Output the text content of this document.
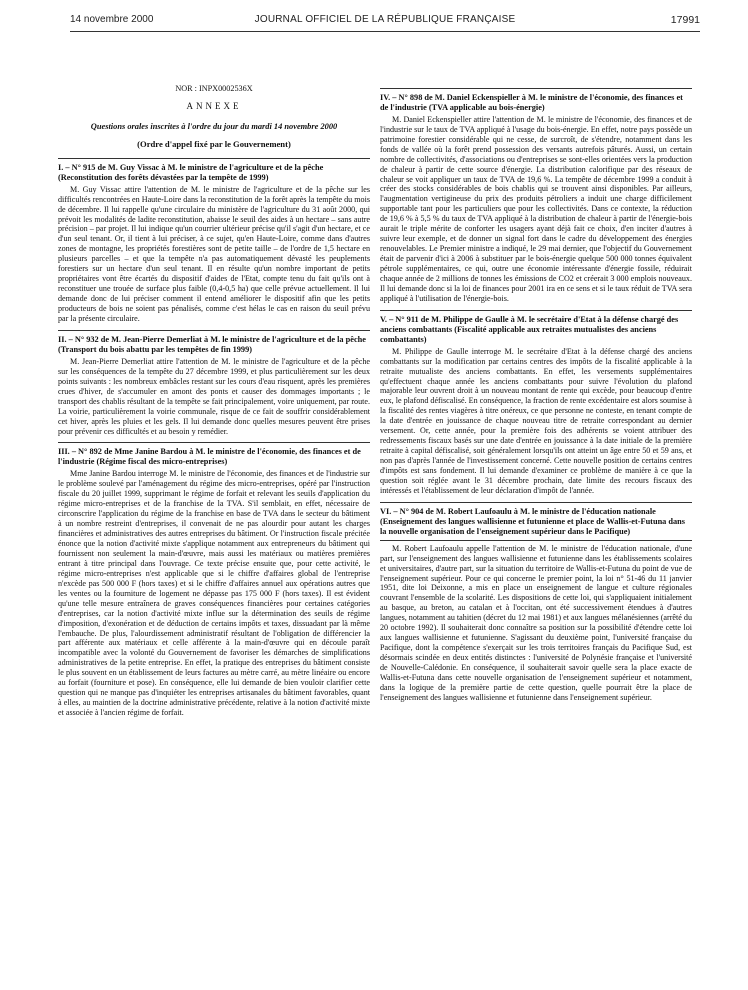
14 novembre 2000	JOURNAL OFFICIEL DE LA RÉPUBLIQUE FRANÇAISE	17991
NOR : INPX0002536X
ANNEXE
Questions orales inscrites à l'ordre du jour du mardi 14 novembre 2000
(Ordre d'appel fixé par le Gouvernement)
I. – N° 915 de M. Guy Vissac à M. le ministre de l'agriculture et de la pêche (Reconstitution des forêts dévastées par la tempête de 1999)

M. Guy Vissac attire l'attention de M. le ministre de l'agriculture et de la pêche sur les difficultés rencontrées en Haute-Loire dans la reconstitution de la forêt après la tempête du mois de décembre. Il lui rappelle qu'une circulaire du ministère de l'agriculture du 31 août 2000, qui prévoit les modalités de ladite reconstitution, abaisse le seuil des aides à un hectare – sans autre précision – par projet. Il lui indique qu'un courrier ultérieur précise qu'il s'agit d'un hectare, et ce d'un seul tenant. Or, il tient à lui préciser, à ce sujet, qu'en Haute-Loire, comme dans d'autres zones de montagne, les propriétés forestières sont de petite taille – de l'ordre de 1,5 hectare en plusieurs parcelles – et que la tempête n'a pas automatiquement dévasté les peuplements forestiers sur un hectare d'un seul tenant. Il en résulte qu'un nombre important de petits propriétaires vont être écartés du dispositif d'aides de l'Etat, compte tenu du fait qu'ils ont à reconstituer une trouée de surface plus faible (0,4-0,5 ha) que celle prévue actuellement. Il lui demande donc de lui préciser comment il entend améliorer le dispositif afin que les petits producteurs de bois ne soient pas pénalisés, comme c'est hélas le cas en raison du seuil prévu par la présente circulaire.

II. – N° 932 de M. Jean-Pierre Demerliat à M. le ministre de l'agriculture et de la pêche (Transport du bois abattu par les tempêtes de fin 1999)

M. Jean-Pierre Demerliat attire l'attention de M. le ministre de l'agriculture et de la pêche sur les conséquences de la tempête du 27 décembre 1999, et plus particulièrement sur les deux points suivants : les nombreux embâcles restant sur les cours d'eau risquent, après les premières crues d'hiver, de s'accumuler en amont des ponts et causer des dommages importants ; le transport des chablis résultant de la tempête se fait principalement, voire uniquement, par route. La voirie, particulièrement la voirie communale, risque de ce fait de souffrir considérablement cet hiver, après les pluies et les gels. Il lui demande donc quelles mesures peuvent être prises pour prévenir ces difficultés et au besoin y remédier.

III. – N° 892 de Mme Janine Bardou à M. le ministre de l'économie, des finances et de l'industrie (Régime fiscal des micro-entreprises)

Mme Janine Bardou interroge M. le ministre de l'économie, des finances et de l'industrie sur le problème soulevé par l'aménagement du régime des micro-entreprises, opéré par l'instruction fiscale du 20 juillet 1999, supprimant le régime de forfait et relevant les seuils d'application du régime micro-entreprises et de la franchise de la TVA. S'il semblait, en effet, nécessaire de circonscrire l'application du régime de la franchise en base de TVA dans le secteur du bâtiment à un nombre restreint d'entreprises, il convenait de ne pas alourdir pour autant les charges financières et administratives des autres entreprises du bâtiment. Or l'instruction fiscale précitée énonce que la notion d'activité mixte s'applique notamment aux entrepreneurs du bâtiment qui fournissent non seulement la main-d'œuvre, mais aussi les matériaux ou matières premières entrant à titre principal dans l'ouvrage. Ce texte précise ensuite que, pour cette activité, le régime micro-entreprises n'est applicable que si le chiffre d'affaires global de l'entreprise n'excède pas 500 000 F (hors taxes) et si le chiffre d'affaires annuel aux opérations autres que les ventes ou la fourniture de logement ne dépasse pas 175 000 F (hors taxes). Il est évident qu'une telle mesure entraînera de graves conséquences financières pour certaines catégories d'entreprises, car la notion d'activité mixte influe sur la détermination des seuils de régime d'imposition, d'exonération et de déduction de certains impôts et taxes, dissuadant par là même l'embauche. De plus, l'alourdissement administratif résultant de l'obligation de différencier la part afférente aux matériaux et celle afférente à la main-d'œuvre qui en découle paraît incompatible avec la volonté du Gouvernement de favoriser les démarches de simplifications administratives de la petite entreprise. En effet, la pratique des entreprises du bâtiment consiste le plus souvent en un établissement de leurs factures au mètre carré, au mètre linéaire ou encore au forfait (fourniture et pose). En conséquence, elle lui demande de bien vouloir clarifier cette question qui ne manque pas d'inquiéter les entreprises artisanales du bâtiment favorables, quant à elles, au maintien de la doctrine administrative précédente, relative à la notion d'activité mixte et associée à l'ancien régime de forfait.

IV. – N° 898 de M. Daniel Eckenspieller à M. le ministre de l'économie, des finances et de l'industrie (TVA applicable au bois-énergie)

M. Daniel Eckenspieller attire l'attention de M. le ministre de l'économie, des finances et de l'industrie sur le taux de TVA appliqué à l'usage du bois-énergie. En effet, notre pays possède un patrimoine forestier considérable qui ne cesse, de surcroît, de s'étendre, notamment dans les fonds de vallée où la forêt prend possession des versants autrefois pâturés. Aussi, un certain nombre de collectivités, d'associations ou d'entreprises se sont-elles orientées vers la production de chaleur à partir de cette source d'énergie. La distribution calorifique par des réseaux de chaleur se voit appliquer un taux de TVA de 19,6 %. La tempête de décembre 1999 a conduit à créer des stocks considérables de bois chablis qui se trouvent ainsi disponibles. Par ailleurs, l'augmentation vertigineuse du prix des produits pétroliers a induit une charge difficilement supportable tant pour les particuliers que pour les collectivités. Dans ce contexte, la réduction de 19,6 % à 5,5 % du taux de TVA appliqué à la distribution de chaleur à partir de l'énergie-bois aurait le triple mérite de conforter les usagers ayant déjà fait ce choix, d'en inciter d'autres à suivre leur exemple, et de donner un signal fort dans le cadre du développement des énergies renouvelables. Le Premier ministre a indiqué, le 29 mai dernier, que l'objectif du Gouvernement était de parvenir d'ici à 2006 à substituer par le bois-énergie quelque 500 000 tonnes équivalent pétrole supplémentaires, ce qui, outre une économie intéressante d'énergie fossile, réduirait chaque année de 2 millions de tonnes les émissions de CO2 et créerait 3 000 emplois nouveaux. Il lui demande donc si la loi de finances pour 2001 ira en ce sens et si le taux réduit de TVA sera appliqué à l'utilisation de l'énergie-bois.

V. – N° 911 de M. Philippe de Gaulle à M. le secrétaire d'Etat à la défense chargé des anciens combattants (Fiscalité applicable aux retraites mutualistes des anciens combattants)

M. Philippe de Gaulle interroge M. le secrétaire d'Etat à la défense chargé des anciens combattants sur la modification par certains centres des impôts de la fiscalité applicable à la retraite mutualiste des anciens combattants. En effet, les versements supplémentaires qu'effectuent chaque année les anciens combattants pour suivre l'évolution du plafond majorable leur ouvrent droit à un nouveau montant de rente qui excède, pour beaucoup d'entre eux, le plafond défiscalisé. En conséquence, la fraction de rente excédentaire est alors soumise à la fiscalité des rentes viagères à titre onéreux, ce que personne ne conteste, en tenant compte de la date d'entrée en jouissance de chaque nouveau titre de retraite correspondant au dernier versement. Or, cette année, pour la première fois des adhérents se voient attribuer des redressements fiscaux basés sur une date d'entrée en jouissance à la date initiale de la première retraite à capital défiscalisé, soit généralement lorsqu'ils ont atteint un âge entre 50 et 59 ans, et non pas d'après l'année de l'investissement concerné. Cette nouvelle position de certains centres d'impôts est sans fondement. Il lui demande d'examiner ce problème de manière à ce que la question soit réglée avant le 31 décembre prochain, date limite des recours fiscaux des intéressés et l'établissement de leur déclaration d'impôt de l'année.

VI. – N° 904 de M. Robert Laufoaulu à M. le ministre de l'éducation nationale (Enseignement des langues wallisienne et futunienne et place de Wallis-et-Futuna dans la nouvelle organisation de l'enseignement supérieur dans le Pacifique)

M. Robert Laufoaulu appelle l'attention de M. le ministre de l'éducation nationale, d'une part, sur l'enseignement des langues wallisienne et futunienne dans les établissements scolaires et universitaires, d'autre part, sur la situation du territoire de Wallis-et-Futuna du point de vue de l'enseignement supérieur. Pour ce qui concerne le premier point, la loi n° 51-46 du 11 janvier 1951, dite loi Deixonne, a mis en place un enseignement de langue et culture régionales couvrant l'ensemble de la scolarité. Les dispositions de cette loi, qui s'appliquaient initialement au basque, au breton, au catalan et à l'occitan, ont été successivement étendues à d'autres langues, notamment au tahitien (décret du 12 mai 1981) et aux langues mélanésiennes (arrêté du 20 octobre 1992). Il souhaiterait donc connaître sa position sur la possibilité d'étendre cette loi aux langues wallisienne et futunienne. S'agissant du deuxième point, l'université française du Pacifique, dont la compétence s'exerçait sur les trois territoires français du Pacifique Sud, est désormais scindée en deux entités distinctes : l'université de Polynésie française et l'université de Nouvelle-Calédonie. En conséquence, il souhaiterait savoir quelle sera la place exacte de Wallis-et-Futuna dans cette nouvelle organisation de l'enseignement supérieur et notamment, dans la logique de la première partie de cette question, quelle pourrait être la place de l'enseignement des langues wallisienne et futunienne dans l'enseignement supérieur.
